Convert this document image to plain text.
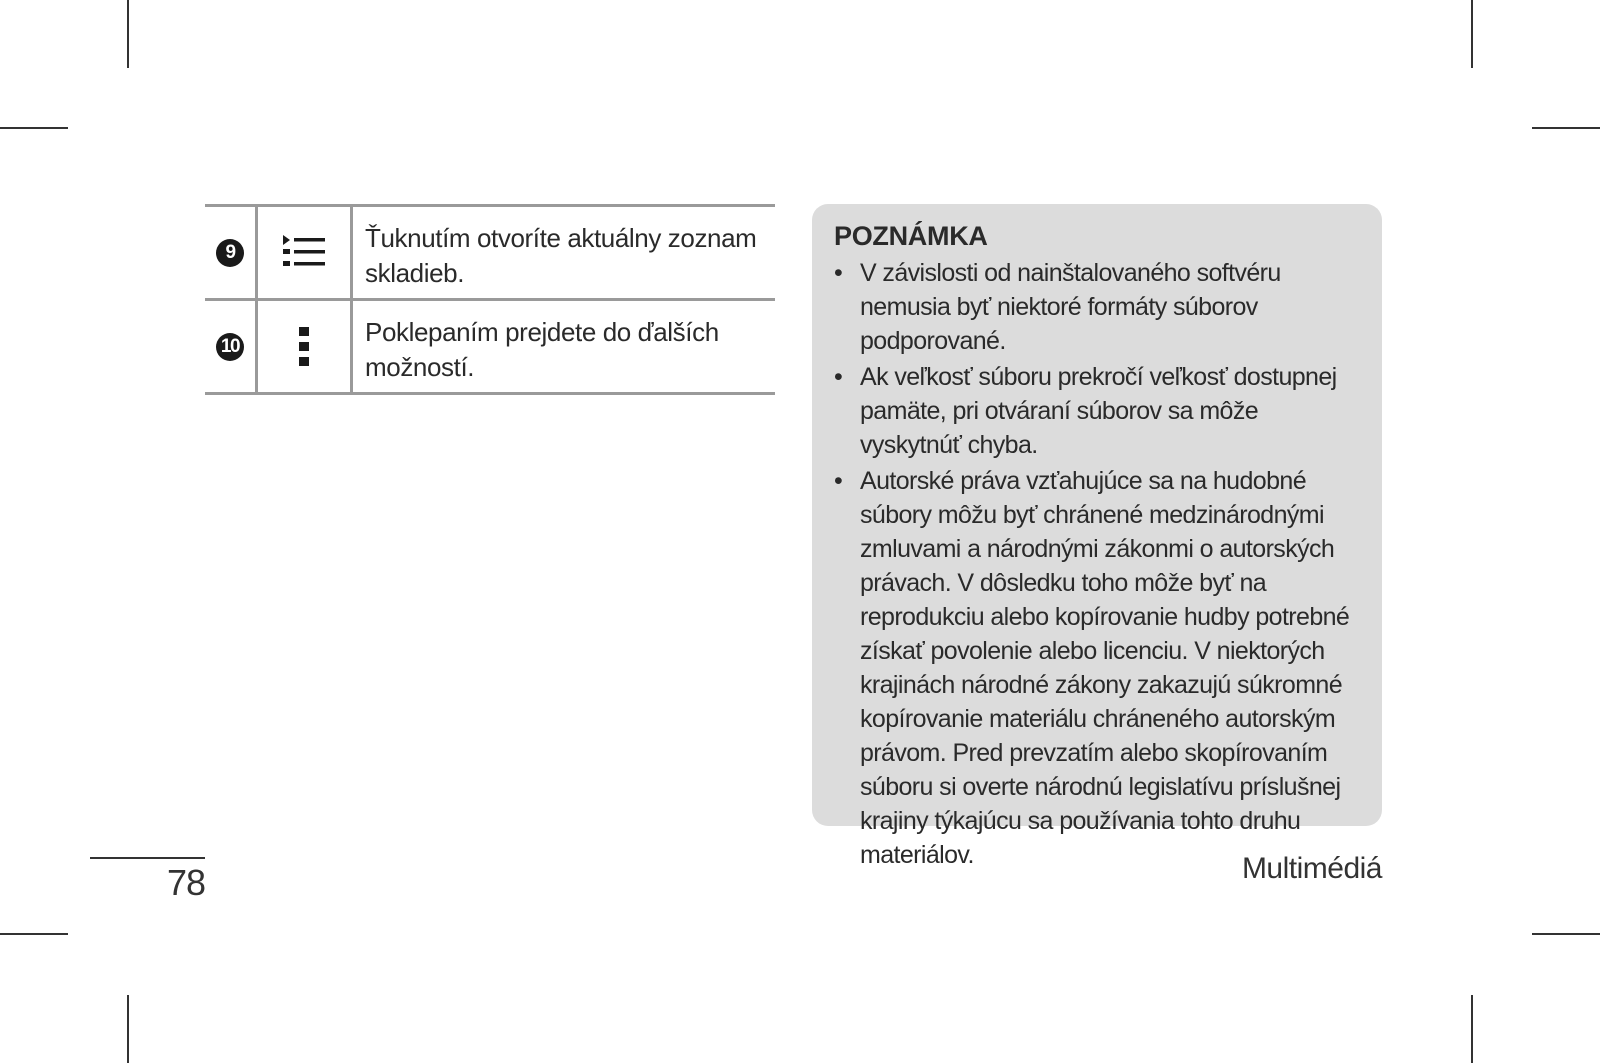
9	Ťuknutím otvoríte aktuálny zoznam skladieb.
10	Poklepaním prejdete do ďalších možností.
POZNÁMKA
• V závislosti od nainštalovaného softvéru nemusia byť niektoré formáty súborov podporované.
• Ak veľkosť súboru prekročí veľkosť dostupnej pamäte, pri otváraní súborov sa môže vyskytnúť chyba.
• Autorské práva vzťahujúce sa na hudobné súbory môžu byť chránené medzinárodnými zmluvami a národnými zákonmi o autorských právach. V dôsledku toho môže byť na reprodukciu alebo kopírovanie hudby potrebné získať povolenie alebo licenciu. V niektorých krajinách národné zákony zakazujú súkromné kopírovanie materiálu chráneného autorským právom. Pred prevzatím alebo skopírovaním súboru si overte národnú legislatívu príslušnej krajiny týkajúcu sa používania tohto druhu materiálov.
78	Multimédiá
